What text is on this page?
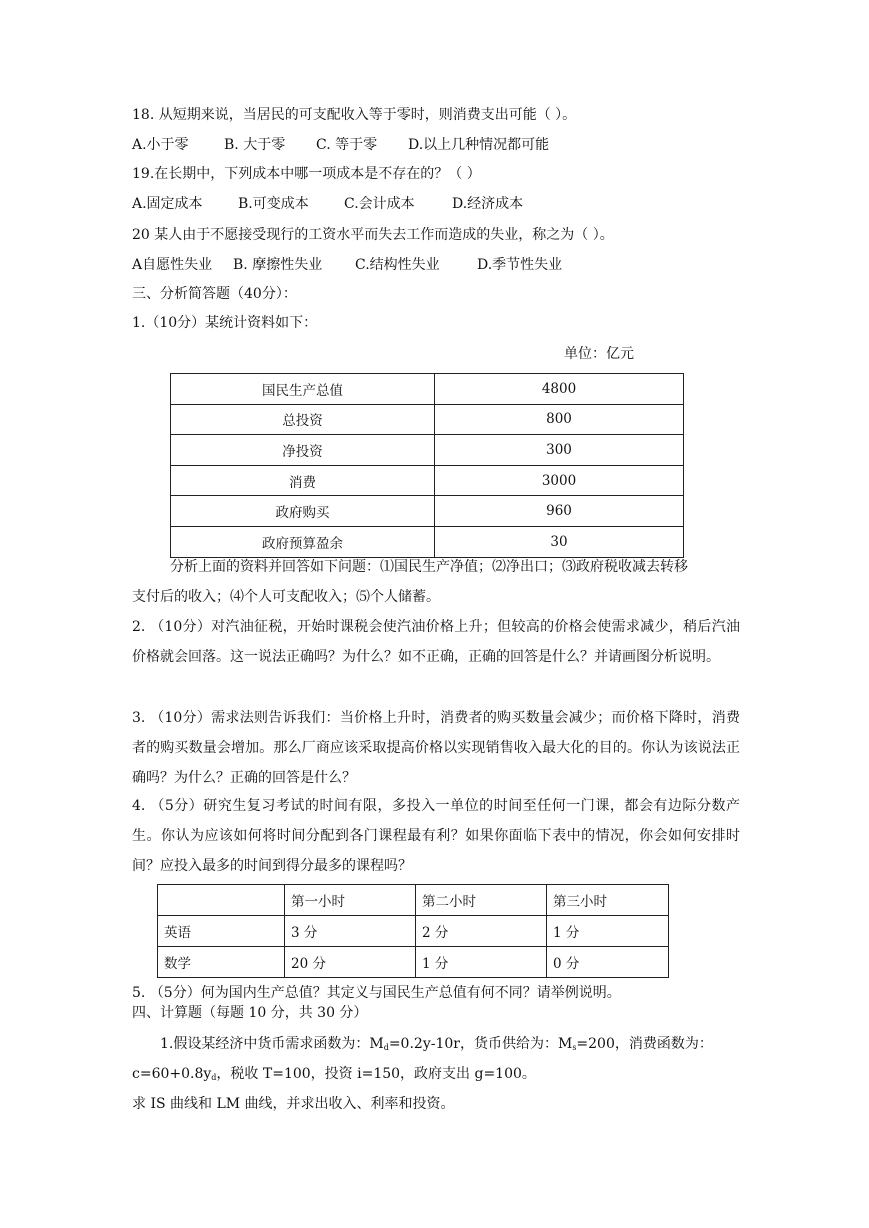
18. 从短期来说，当居民的可支配收入等于零时，则消费支出可能（ ）。
A.小于零	B. 大于零 C. 等于零 D.以上几种情况都可能
19.在长期中，下列成本中哪一项成本是不存在的？（ ）
A.固定成本	B.可变成本	C.会计成本	D.经济成本
20 某人由于不愿接受现行的工资水平而失去工作而造成的失业，称之为（ ）。
A自愿性失业 B. 摩擦性失业 C.结构性失业	D.季节性失业
三、分析简答题（40分）：
1.（10分）某统计资料如下：
单位：亿元
国民生产总值	4800
总投资	800
净投资	300
消费	3000
政府购买	960
政府预算盈余	30
分析上面的资料并回答如下问题：⑴国民生产净值；⑵净出口；⑶政府税收减去转移
支付后的收入；⑷个人可支配收入；⑸个人储蓄。
2. （10分）对汽油征税，开始时课税会使汽油价格上升；但较高的价格会使需求减少，稍后汽油价格就会回落。这一说法正确吗？为什么？如不正确，正确的回答是什么？并请画图分析说明。
3. （10分）需求法则告诉我们：当价格上升时，消费者的购买数量会减少；而价格下降时，消费者的购买数量会增加。那么厂商应该采取提高价格以实现销售收入最大化的目的。你认为该说法正确吗？为什么？正确的回答是什么？
4. （5分）研究生复习考试的时间有限，多投入一单位的时间至任何一门课，都会有边际分数产生。你认为应该如何将时间分配到各门课程最有利？如果你面临下表中的情况，你会如何安排时间？应投入最多的时间到得分最多的课程吗？
	第一小时	第二小时	第三小时
英语	3 分	2 分	1 分
数学	20 分	1 分	0 分
5. （5分）何为国内生产总值？其定义与国民生产总值有何不同？请举例说明。
四、计算题（每题 10 分，共 30 分）
1.假设某经济中货币需求函数为：$M_d=0.2y-10r$，货币供给为：$M_s=200$，消费函数为：
$c=60+0.8y_d$，税收 T=100，投资 i=150，政府支出 g=100。
求 IS 曲线和 LM 曲线，并求出收入、利率和投资。
